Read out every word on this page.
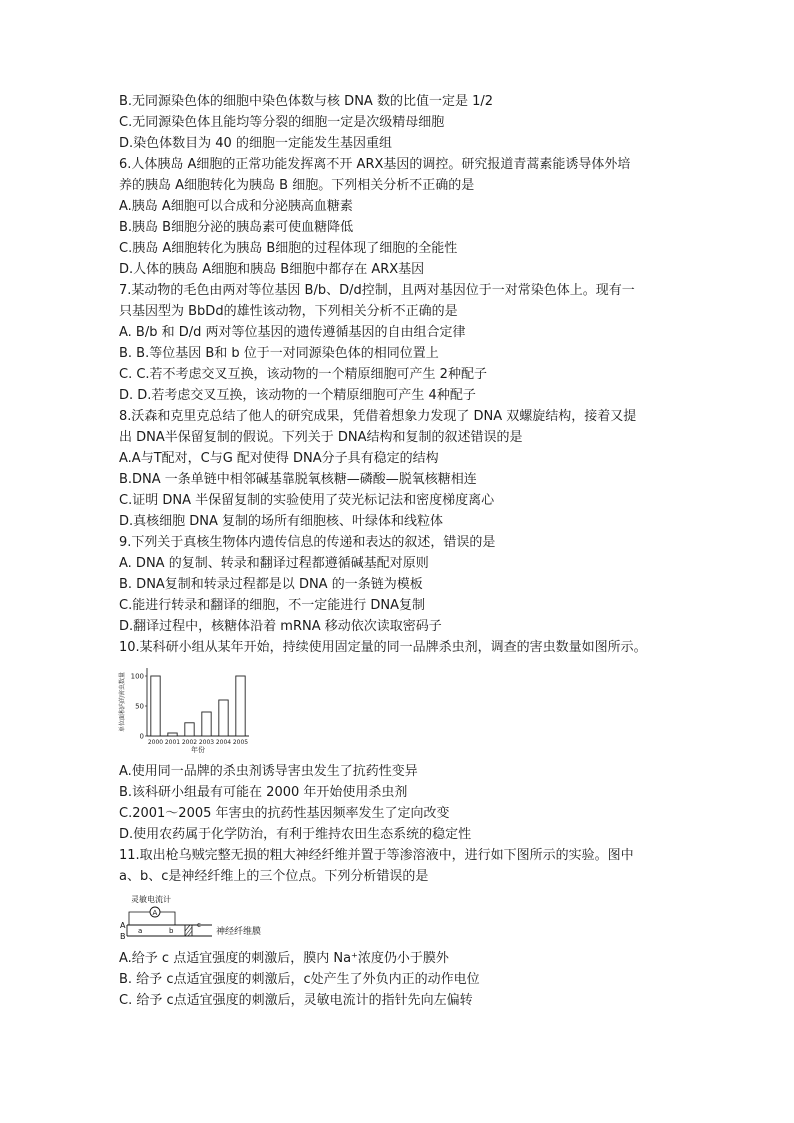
B.无同源染色体的细胞中染色体数与核 DNA 数的比值一定是 1/2
C.无同源染色体且能均等分裂的细胞一定是次级精母细胞
D.染色体数目为 40 的细胞一定能发生基因重组
6.人体胰岛 A细胞的正常功能发挥离不开 ARX基因的调控。研究报道青蒿素能诱导体外培
养的胰岛 A细胞转化为胰岛 B 细胞。下列相关分析不正确的是
A.胰岛 A细胞可以合成和分泌胰高血糖素
B.胰岛 B细胞分泌的胰岛素可使血糖降低
C.胰岛 A细胞转化为胰岛 B细胞的过程体现了细胞的全能性
D.人体的胰岛 A细胞和胰岛 B细胞中都存在 ARX基因
7.某动物的毛色由两对等位基因 B/b、D/d控制，且两对基因位于一对常染色体上。现有一
只基因型为 BbDd的雄性该动物，下列相关分析不正确的是
A. B/b 和 D/d 两对等位基因的遗传遵循基因的自由组合定律
B. B.等位基因 B和 b 位于一对同源染色体的相同位置上
C. C.若不考虑交叉互换，该动物的一个精原细胞可产生 2种配子
D. D.若考虑交叉互换，该动物的一个精原细胞可产生 4种配子
8.沃森和克里克总结了他人的研究成果，凭借着想象力发现了 DNA 双螺旋结构，接着又提
出 DNA半保留复制的假说。下列关于 DNA结构和复制的叙述错误的是
A.A与T配对，C与G 配对使得 DNA分子具有稳定的结构
B.DNA 一条单链中相邻碱基靠脱氧核糖—磷酸—脱氧核糖相连
C.证明 DNA 半保留复制的实验使用了荧光标记法和密度梯度离心
D.真核细胞 DNA 复制的场所有细胞核、叶绿体和线粒体
9.下列关于真核生物体内遗传信息的传递和表达的叙述，错误的是
A. DNA 的复制、转录和翻译过程都遵循碱基配对原则
B. DNA复制和转录过程都是以 DNA 的一条链为模板
C.能进行转录和翻译的细胞，不一定能进行 DNA复制
D.翻译过程中，核糖体沿着 mRNA 移动依次读取密码子
10.某科研小组从某年开始，持续使用固定量的同一品牌杀虫剂，调查的害虫数量如图所示。
0
50
100
单位面积内的害虫数量
2000 2001 2002 2003 2004 2005
年份
A.使用同一品牌的杀虫剂诱导害虫发生了抗药性变异
B.该科研小组最有可能在 2000 年开始使用杀虫剂
C.2001～2005 年害虫的抗药性基因频率发生了定向改变
D.使用农药属于化学防治，有利于维持农田生态系统的稳定性
11.取出枪乌贼完整无损的粗大神经纤维并置于等渗溶液中，进行如下图所示的实验。图中
a、b、c是神经纤维上的三个位点。下列分析错误的是
灵敏电流计
A
A
B
a	b
c
神经纤维膜
A.给予 c 点适宜强度的刺激后，膜内 Na⁺浓度仍小于膜外
B. 给予 c点适宜强度的刺激后，c处产生了外负内正的动作电位
C. 给予 c点适宜强度的刺激后，灵敏电流计的指针先向左偏转
